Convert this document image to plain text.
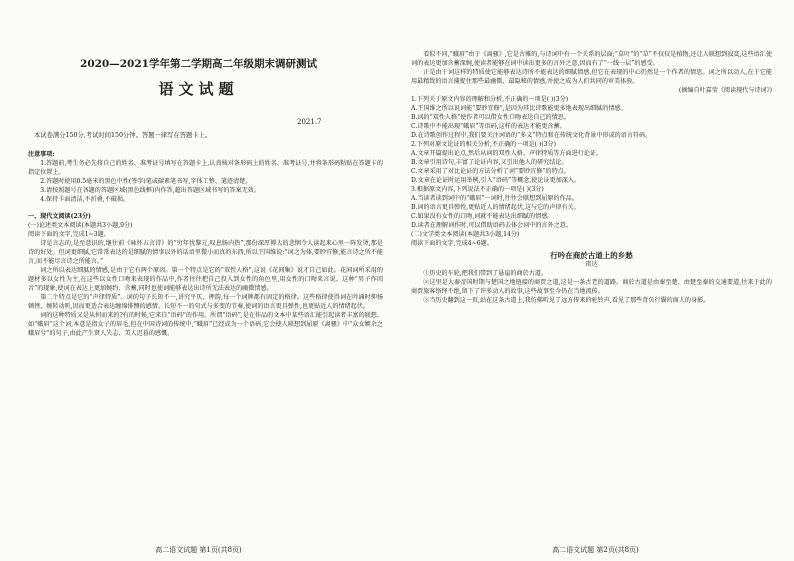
2020—2021学年第二学期高二年级期末调研测试
语文试题
2021.7
本试卷满分150分,考试时间150分钟。答题一律写在答题卡上。

注意事项:

1.答题前,考生务必先将自己的姓名、准考证号填写在答题卡上,认真核对条形码上的姓名、准考证号,并将条形码粘贴在答题卡的指定位置上。

2.答题时使用0.5毫米的黑色中性(签字)笔或碳素笔书写,字体工整、笔迹清楚。

3.请按照题号在各题的答题区域(黑色线框)内作答,超出答题区域书写的答案无效。

4.保持卡面清洁,不折叠,不破损。

一、现代文阅读(23分)

(一)论述类文本阅读(本题共3小题,9分)

阅读下面的文字,完成1~3题。

诗是言志的,是至意识的,继往前《咏怀五言诗》的“穷年忧黎元,叹息肠内热”,那份深厚博大的悲悯令人读起来心里一阵发烫,那是诗的好处。但词更细腻,它常常表达的是细腻的情事以外的话语里微小而真的东西,所以王国维说:“词之为体,要眇宜修,能言诗之所不能言,而不能尽言诗之所能言。”

词之所以表达细腻的情感,是由于它有两个原因。第一个特点是它的“双性人格”,这说《花间集》说才自己如此。花间词所采用的题材多以女性为主,在这些以女性口吻来表现的作品中,作者往往把自己投入到女性的角色里,用女性的口吻来言说。这种“男子作闺音”的现象,使词在表达上更加婉约、含蓄,同时也使词能够表达出诗所无法表达的幽微情感。

第二个特点是它的“声律特质”。词的句子长短不一,讲究平仄、押韵,每一个词牌都有固定的格律。这些格律使得词在吟诵时抑扬顿挫、婉转动听,因而更适合表达缠绵悱恻的感情。长短不一的句式与多变的节奏,使词的语言更具弹性,也更贴近人的情绪起伏。

词的这种特质又是从何而来的?有的时候,它来自“语码”的作用。所谓“语码”,是在作品的文本中某些语汇能引起读者丰富的联想。如“蛾眉”这个词,本意是指女子的眉毛,但在中国诗词的传统中,“蛾眉”已经成为一个语码,它会使人联想到屈原《离骚》中“众女嫉余之蛾眉兮”的句子,由此产生贤人失志、美人迟暮的感慨。

高二语文试题 第1页(共8页)

看似不同,“蛾眉”由于《离骚》,它是古雅的,与诗词中有一个关系的层面;“草叶”的“草”不仅仅是植物,还让人联想到寂寞,这些语汇使词的表达更加含蓄深婉,使读者能够在词中读出更多的言外之意,因而有了“一线一层”的感受。

正是由于词这样的特质使它能够表达诗所不能表达的细腻情感,但它在表现的中心仍然是一个作者的情思。词之所以动人,在于它能用最精致的语言捕捉住那些最幽微、最隐秘的情感,并使之成为人们共同的审美体验。

(摘编自叶嘉莹《阅读现代与诗词》)

1.下列关于原文内容的理解和分析,不正确的一项是( )(3分)

A.王国维之所以说词能“要眇宜修”,是因为其比诗歌能更多地表现出细腻的情感。

B.词的“双性人格”使作者可以借女性口吻表达自己的情思。

C.诗歌中不能出现“蛾眉”等语码,这样的表达才能更含蓄。

D.在诗歌创作过程中,我们要关注词语的“多义”特点和在传统文化背景中形成的语言符码。

2.下列对原文论证的相关分析,不正确的一项是( )(3分)

A.文章开篇提出论点,然后从词的双性人格、声律特质等方面进行论证。

B.文章引用诗句,丰富了论证内容,又引出他人的研究结论。

C.文章采用了对比论证的方法分析了词“要眇宜修”的特点。

D.文章在论证时运用举例,引入“语码”等概念,使论证更加深入。

3.根据原文内容,下列说法不正确的一项是( )(3分)

A.当读者读到词中的“蛾眉”一词时,往往会联想到屈原的作品。

B.词的语言更具弹性,更贴近人的情绪起伏,这与它的声律有关。

C.如果没有女性的口吻,词就不能表达出细腻的情感。

D.读者在理解词作时,可以借助语码去体会词中的言外之意。

(二)文学类文本阅读(本题共3小题,14分)

阅读下面的文字,完成4~6题。

行吟在商於古道上的乡愁

雷达

①历史的车轮,把我们带到了悬崖的商於古道。

②这里是大秦帝国时期与楚国之地链接的商贾之道,这是一条古老的道路。商於古道是由秦至楚、由楚至秦的交通要道,往来于此的商贾旅客络绎不绝,留下了许多动人的故事,这些故事至今仍在当地流传。

③当历史翻到这一页,站在这条古道上,我仿佛听见了远方传来的驼铃声,看见了那些背负行囊的商人的身影。

高二语文试题 第2页(共8页)
